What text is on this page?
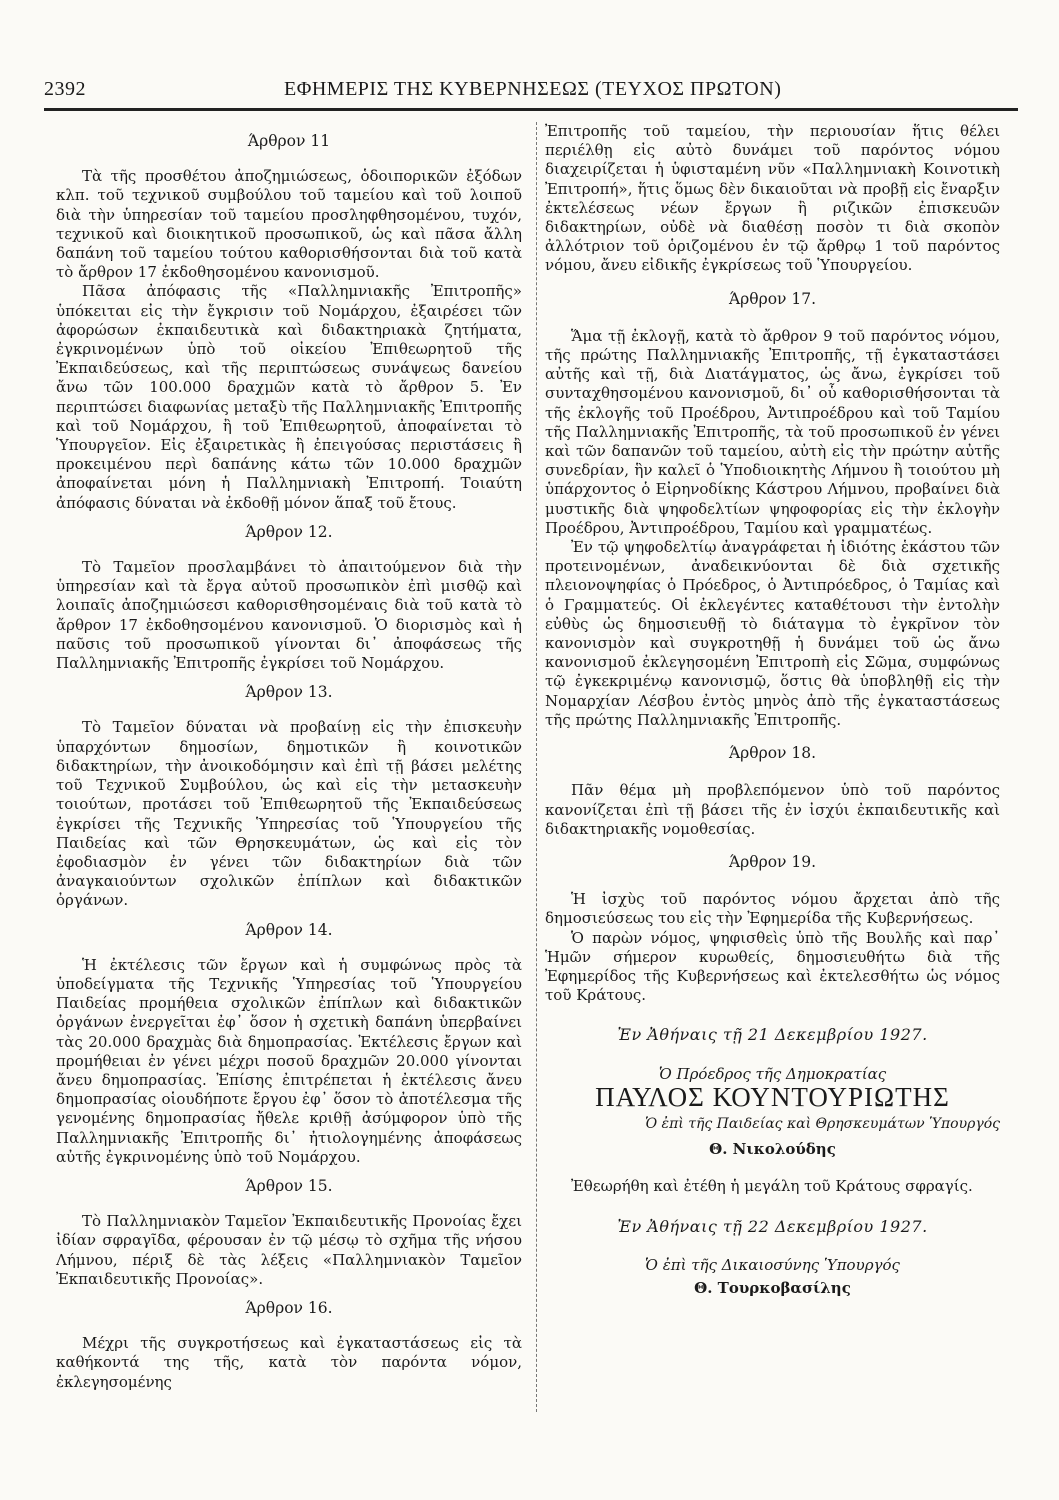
2392	ΕΦΗΜΕΡΙΣ ΤΗΣ ΚΥΒΕΡΝΗΣΕΩΣ (ΤΕΥΧΟΣ ΠΡΩΤΟΝ)
Άρθρον 11

Τὰ τῆς προσθέτου ἀποζημιώσεως, ὁδοιπορικῶν ἐξόδων κλπ. τοῦ τεχνικοῦ συμβούλου τοῦ ταμείου καὶ τοῦ λοιποῦ διὰ τὴν ὑπηρεσίαν τοῦ ταμείου προσληφθησομένου, τυχόν, τεχνικοῦ καὶ διοικητικοῦ προσωπικοῦ, ὡς καὶ πᾶσα ἄλλη δαπάνη τοῦ ταμείου τούτου καθορισθήσονται διὰ τοῦ κατὰ τὸ ἄρθρον 17 ἐκδοθησομένου κανονισμοῦ.

Πᾶσα ἀπόφασις τῆς «Παλλημνιακῆς Ἐπιτροπῆς» ὑπόκειται εἰς τὴν ἔγκρισιν τοῦ Νομάρχου, ἐξαιρέσει τῶν ἀφορώσων ἐκπαιδευτικὰ καὶ διδακτηριακὰ ζητήματα, ἐγκρινομένων ὑπὸ τοῦ οἰκείου Ἐπιθεωρητοῦ τῆς Ἐκπαιδεύσεως, καὶ τῆς περιπτώσεως συνάψεως δανείου ἄνω τῶν 100.000 δραχμῶν κατὰ τὸ ἄρθρον 5. Ἐν περιπτώσει διαφωνίας μεταξὺ τῆς Παλλημνιακῆς Ἐπιτροπῆς καὶ τοῦ Νομάρχου, ἢ τοῦ Ἐπιθεωρητοῦ, ἀποφαίνεται τὸ Ὑπουργεῖον. Εἰς ἐξαιρετικὰς ἢ ἐπειγούσας περιστάσεις ἢ προκειμένου περὶ δαπάνης κάτω τῶν 10.000 δραχμῶν ἀποφαίνεται μόνη ἡ Παλλημνιακὴ Ἐπιτροπή. Τοιαύτη ἀπόφασις δύναται νὰ ἐκδοθῇ μόνον ἅπαξ τοῦ ἔτους.

Άρθρον 12.

Τὸ Ταμεῖον προσλαμβάνει τὸ ἀπαιτούμενον διὰ τὴν ὑπηρεσίαν καὶ τὰ ἔργα αὐτοῦ προσωπικὸν ἐπὶ μισθῷ καὶ λοιπαῖς ἀποζημιώσεσι καθορισθησομέναις διὰ τοῦ κατὰ τὸ ἄρθρον 17 ἐκδοθησομένου κανονισμοῦ. Ὁ διορισμὸς καὶ ἡ παῦσις τοῦ προσωπικοῦ γίνονται δι᾽ ἀποφάσεως τῆς Παλλημνιακῆς Ἐπιτροπῆς ἐγκρίσει τοῦ Νομάρχου.

Άρθρον 13.

Τὸ Ταμεῖον δύναται νὰ προβαίνῃ εἰς τὴν ἐπισκευὴν ὑπαρχόντων δημοσίων, δημοτικῶν ἢ κοινοτικῶν διδακτηρίων, τὴν ἀνοικοδόμησιν καὶ ἐπὶ τῇ βάσει μελέτης τοῦ Τεχνικοῦ Συμβούλου, ὡς καὶ εἰς τὴν μετασκευὴν τοιούτων, προτάσει τοῦ Ἐπιθεωρητοῦ τῆς Ἐκπαιδεύσεως ἐγκρίσει τῆς Τεχνικῆς Ὑπηρεσίας τοῦ Ὑπουργείου τῆς Παιδείας καὶ τῶν Θρησκευμάτων, ὡς καὶ εἰς τὸν ἐφοδιασμὸν ἐν γένει τῶν διδακτηρίων διὰ τῶν ἀναγκαιούντων σχολικῶν ἐπίπλων καὶ διδακτικῶν ὀργάνων.

Άρθρον 14.

Ἡ ἐκτέλεσις τῶν ἔργων καὶ ἡ συμφώνως πρὸς τὰ ὑποδείγματα τῆς Τεχνικῆς Ὑπηρεσίας τοῦ Ὑπουργείου Παιδείας προμήθεια σχολικῶν ἐπίπλων καὶ διδακτικῶν ὀργάνων ἐνεργεῖται ἐφ᾽ ὅσον ἡ σχετικὴ δαπάνη ὑπερβαίνει τὰς 20.000 δραχμὰς διὰ δημοπρασίας. Ἐκτέλεσις ἔργων καὶ προμήθειαι ἐν γένει μέχρι ποσοῦ δραχμῶν 20.000 γίνονται ἄνευ δημοπρασίας. Ἐπίσης ἐπιτρέπεται ἡ ἐκτέλεσις ἄνευ δημοπρασίας οἱουδήποτε ἔργου ἐφ᾽ ὅσον τὸ ἀποτέλεσμα τῆς γενομένης δημοπρασίας ἤθελε κριθῇ ἀσύμφορον ὑπὸ τῆς Παλλημνιακῆς Ἐπιτροπῆς δι᾽ ἠτιολογημένης ἀποφάσεως αὐτῆς ἐγκρινομένης ὑπὸ τοῦ Νομάρχου.

Άρθρον 15.

Τὸ Παλλημνιακὸν Ταμεῖον Ἐκπαιδευτικῆς Προνοίας ἔχει ἰδίαν σφραγῖδα, φέρουσαν ἐν τῷ μέσῳ τὸ σχῆμα τῆς νήσου Λήμνου, πέριξ δὲ τὰς λέξεις «Παλλημνιακὸν Ταμεῖον Ἐκπαιδευτικῆς Προνοίας».

Άρθρον 16.

Μέχρι τῆς συγκροτήσεως καὶ ἐγκαταστάσεως εἰς τὰ καθήκοντά της τῆς, κατὰ τὸν παρόντα νόμον, ἐκλεγησομένης

Ἐπιτροπῆς τοῦ ταμείου, τὴν περιουσίαν ἥτις θέλει περιέλθῃ εἰς αὐτὸ δυνάμει τοῦ παρόντος νόμου διαχειρίζεται ἡ ὑφισταμένη νῦν «Παλλημνιακὴ Κοινοτικὴ Ἐπιτροπή», ἥτις ὅμως δὲν δικαιοῦται νὰ προβῇ εἰς ἔναρξιν ἐκτελέσεως νέων ἔργων ἢ ριζικῶν ἐπισκευῶν διδακτηρίων, οὐδὲ νὰ διαθέσῃ ποσὸν τι διὰ σκοπὸν ἀλλότριον τοῦ ὁριζομένου ἐν τῷ ἄρθρῳ 1 τοῦ παρόντος νόμου, ἄνευ εἰδικῆς ἐγκρίσεως τοῦ Ὑπουργείου.

Άρθρον 17.

Ἅμα τῇ ἐκλογῇ, κατὰ τὸ ἄρθρον 9 τοῦ παρόντος νόμου, τῆς πρώτης Παλλημνιακῆς Ἐπιτροπῆς, τῇ ἐγκαταστάσει αὐτῆς καὶ τῇ, διὰ Διατάγματος, ὡς ἄνω, ἐγκρίσει τοῦ συνταχθησομένου κανονισμοῦ, δι᾽ οὗ καθορισθήσονται τὰ τῆς ἐκλογῆς τοῦ Προέδρου, Ἀντιπροέδρου καὶ τοῦ Ταμίου τῆς Παλλημνιακῆς Ἐπιτροπῆς, τὰ τοῦ προσωπικοῦ ἐν γένει καὶ τῶν δαπανῶν τοῦ ταμείου, αὐτὴ εἰς τὴν πρώτην αὐτῆς συνεδρίαν, ἣν καλεῖ ὁ Ὑποδιοικητὴς Λήμνου ἢ τοιούτου μὴ ὑπάρχοντος ὁ Εἰρηνοδίκης Κάστρου Λήμνου, προβαίνει διὰ μυστικῆς διὰ ψηφοδελτίων ψηφοφορίας εἰς τὴν ἐκλογὴν Προέδρου, Ἀντιπροέδρου, Ταμίου καὶ γραμματέως.

Ἐν τῷ ψηφοδελτίῳ ἀναγράφεται ἡ ἰδιότης ἑκάστου τῶν προτεινομένων, ἀναδεικνύονται δὲ διὰ σχετικῆς πλειονοψηφίας ὁ Πρόεδρος, ὁ Ἀντιπρόεδρος, ὁ Ταμίας καὶ ὁ Γραμματεύς. Οἱ ἐκλεγέντες καταθέτουσι τὴν ἐντολὴν εὐθὺς ὡς δημοσιευθῇ τὸ διάταγμα τὸ ἐγκρῖνον τὸν κανονισμὸν καὶ συγκροτηθῇ ἡ δυνάμει τοῦ ὡς ἄνω κανονισμοῦ ἐκλεγησομένη Ἐπιτροπὴ εἰς Σῶμα, συμφώνως τῷ ἐγκεκριμένῳ κανονισμῷ, ὅστις θὰ ὑποβληθῇ εἰς τὴν Νομαρχίαν Λέσβου ἐντὸς μηνὸς ἀπὸ τῆς ἐγκαταστάσεως τῆς πρώτης Παλλημνιακῆς Ἐπιτροπῆς.

Άρθρον 18.

Πᾶν θέμα μὴ προβλεπόμενον ὑπὸ τοῦ παρόντος κανονίζεται ἐπὶ τῇ βάσει τῆς ἐν ἰσχύι ἐκπαιδευτικῆς καὶ διδακτηριακῆς νομοθεσίας.

Άρθρον 19.

Ἡ ἰσχὺς τοῦ παρόντος νόμου ἄρχεται ἀπὸ τῆς δημοσιεύσεως του εἰς τὴν Ἐφημερίδα τῆς Κυβερνήσεως.

Ὁ παρὼν νόμος, ψηφισθεὶς ὑπὸ τῆς Βουλῆς καὶ παρ᾽ Ἡμῶν σήμερον κυρωθείς, δημοσιευθήτω διὰ τῆς Ἐφημερίδος τῆς Κυβερνήσεως καὶ ἐκτελεσθήτω ὡς νόμος τοῦ Κράτους.

Ἐν Ἀθήναις τῇ 21 Δεκεμβρίου 1927.
Ὁ Πρόεδρος τῆς Δημοκρατίας
ΠΑΥΛΟΣ ΚΟΥΝΤΟΥΡΙΩΤΗΣ
Ὁ ἐπὶ τῆς Παιδείας καὶ Θρησκευμάτων Ὑπουργός
Θ. Νικολούδης

Ἐθεωρήθη καὶ ἐτέθη ἡ μεγάλη τοῦ Κράτους σφραγίς.

Ἐν Ἀθήναις τῇ 22 Δεκεμβρίου 1927.
Ὁ ἐπὶ τῆς Δικαιοσύνης Ὑπουργός
Θ. Τουρκοβασίλης
